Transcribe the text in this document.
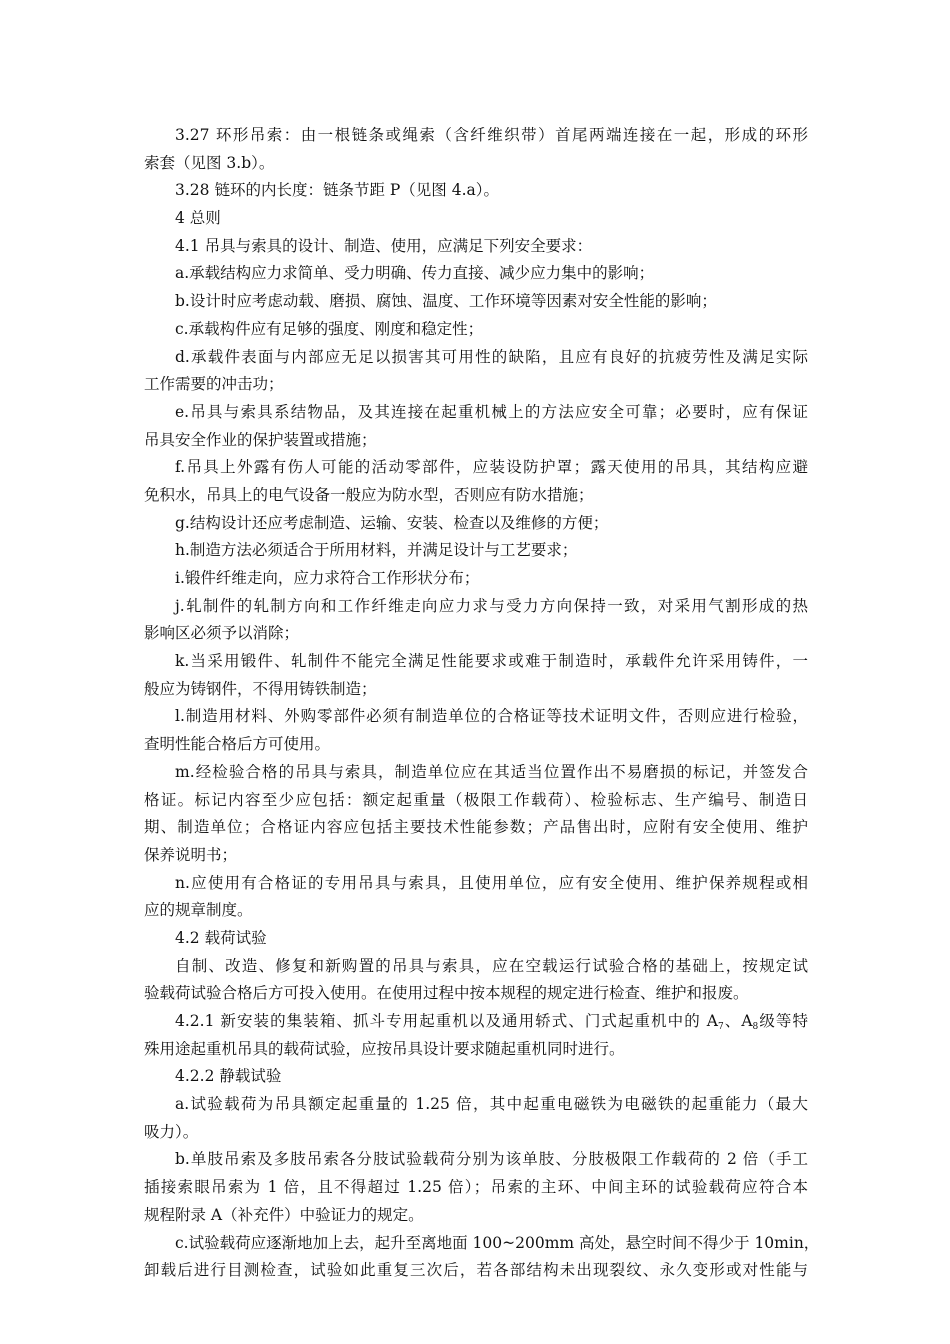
3.27 环形吊索：由一根链条或绳索（含纤维织带）首尾两端连接在一起，形成的环形
索套（见图 3.b）。
3.28 链环的内长度：链条节距 P（见图 4.a）。
4 总则
4.1 吊具与索具的设计、制造、使用，应满足下列安全要求：
a.承载结构应力求简单、受力明确、传力直接、减少应力集中的影响；
b.设计时应考虑动载、磨损、腐蚀、温度、工作环境等因素对安全性能的影响；
c.承载构件应有足够的强度、刚度和稳定性；
d.承载件表面与内部应无足以损害其可用性的缺陷，且应有良好的抗疲劳性及满足实际
工作需要的冲击功；
e.吊具与索具系结物品，及其连接在起重机械上的方法应安全可靠；必要时，应有保证
吊具安全作业的保护装置或措施；
f.吊具上外露有伤人可能的活动零部件，应装设防护罩；露天使用的吊具，其结构应避
免积水，吊具上的电气设备一般应为防水型，否则应有防水措施；
g.结构设计还应考虑制造、运输、安装、检查以及维修的方便；
h.制造方法必须适合于所用材料，并满足设计与工艺要求；
i.锻件纤维走向，应力求符合工作形状分布；
j.轧制件的轧制方向和工作纤维走向应力求与受力方向保持一致，对采用气割形成的热
影响区必须予以消除；
k.当采用锻件、轧制件不能完全满足性能要求或难于制造时，承载件允许采用铸件，一
般应为铸钢件，不得用铸铁制造；
l.制造用材料、外购零部件必须有制造单位的合格证等技术证明文件，否则应进行检验，
查明性能合格后方可使用。
m.经检验合格的吊具与索具，制造单位应在其适当位置作出不易磨损的标记，并签发合
格证。标记内容至少应包括：额定起重量（极限工作载荷）、检验标志、生产编号、制造日
期、制造单位；合格证内容应包括主要技术性能参数；产品售出时，应附有安全使用、维护
保养说明书；
n.应使用有合格证的专用吊具与索具，且使用单位，应有安全使用、维护保养规程或相
应的规章制度。
4.2 载荷试验
自制、改造、修复和新购置的吊具与索具，应在空载运行试验合格的基础上，按规定试
验载荷试验合格后方可投入使用。在使用过程中按本规程的规定进行检查、维护和报废。
4.2.1 新安装的集装箱、抓斗专用起重机以及通用轿式、门式起重机中的 $A_7$、$A_8$级等特
殊用途起重机吊具的载荷试验，应按吊具设计要求随起重机同时进行。
4.2.2 静载试验
a.试验载荷为吊具额定起重量的 1.25 倍，其中起重电磁铁为电磁铁的起重能力（最大
吸力）。
b.单肢吊索及多肢吊索各分肢试验载荷分别为该单肢、分肢极限工作载荷的 2 倍（手工
插接索眼吊索为 1 倍，且不得超过 1.25 倍）；吊索的主环、中间主环的试验载荷应符合本
规程附录 A（补充件）中验证力的规定。
c.试验载荷应逐渐地加上去，起升至离地面 100~200mm 高处，悬空时间不得少于 10min，
卸载后进行目测检查，试验如此重复三次后，若各部结构未出现裂纹、永久变形或对性能与
